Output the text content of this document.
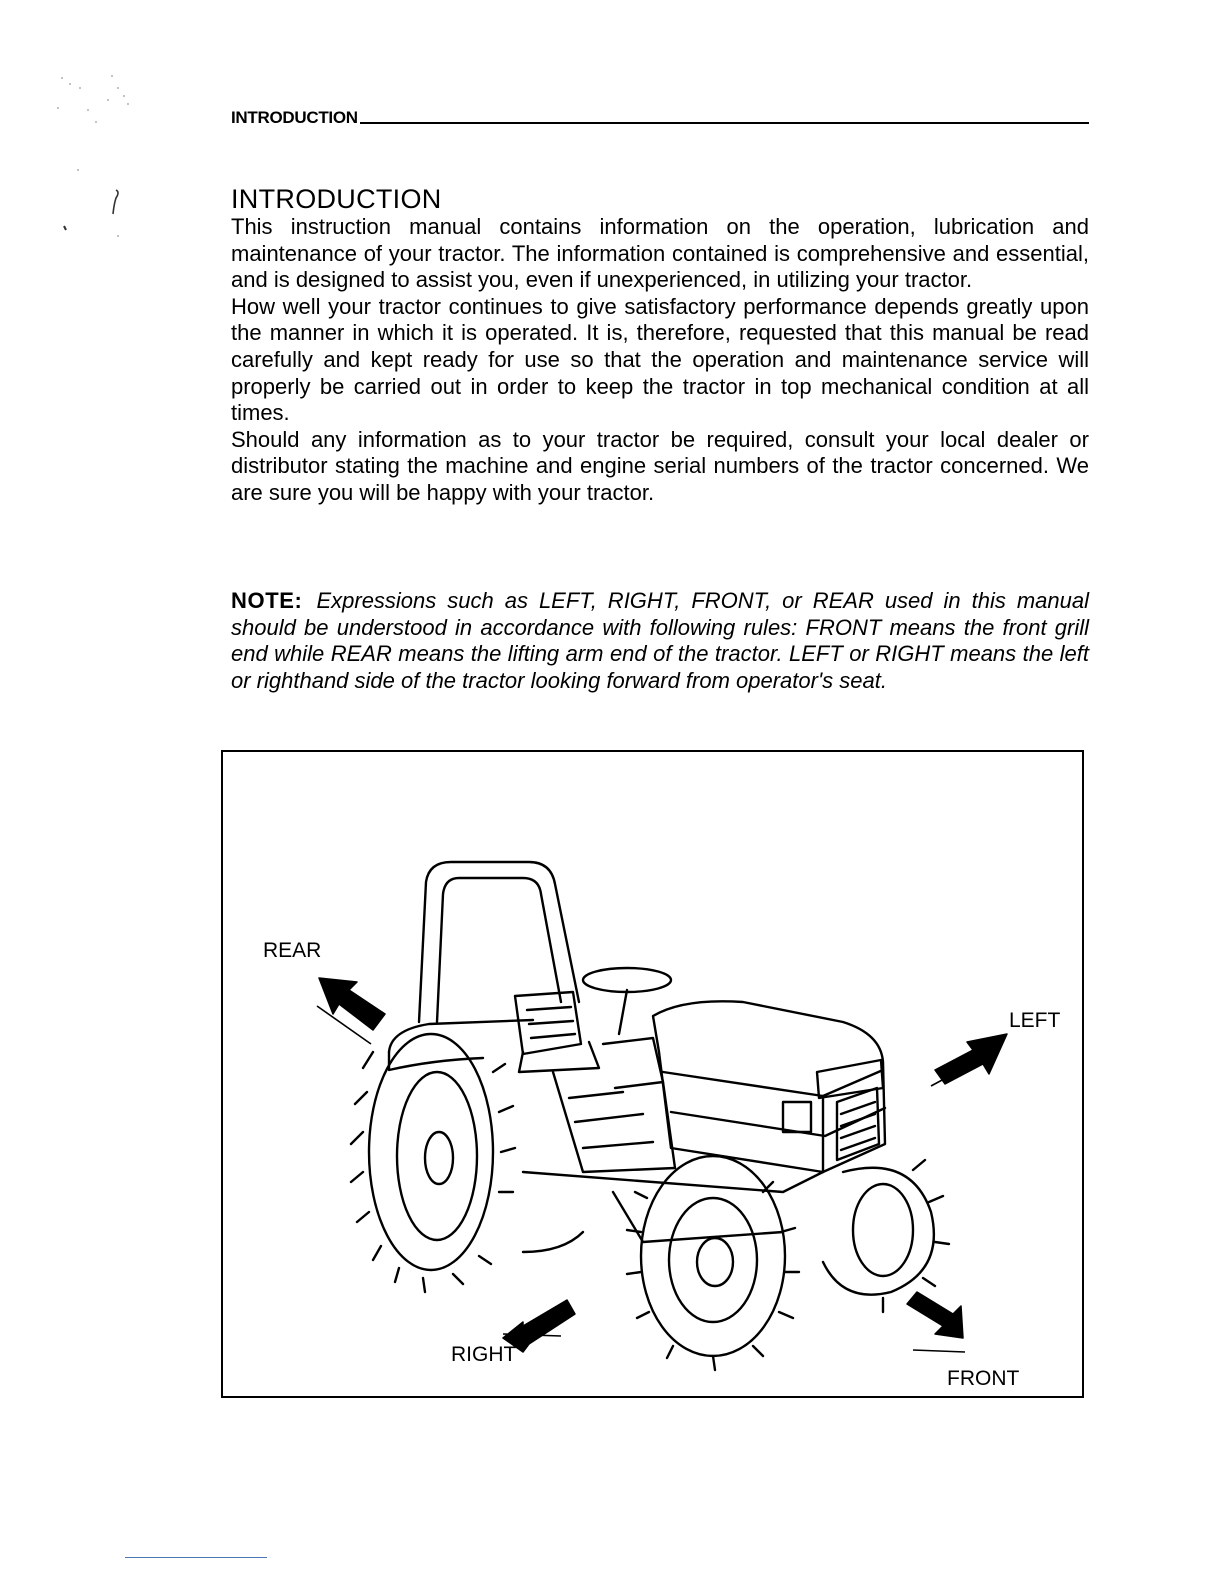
INTRODUCTION
INTRODUCTION

This instruction manual contains information on the operation, lubrication and maintenance of your tractor. The information contained is comprehensive and essential, and is designed to assist you, even if unexperienced, in utilizing your tractor.

How well your tractor continues to give satisfactory performance depends greatly upon the manner in which it is operated. It is, therefore, requested that this manual be read carefully and kept ready for use so that the operation and maintenance service will properly be carried out in order to keep the tractor in top mechanical condition at all times.

Should any information as to your tractor be required, consult your local dealer or distributor stating the machine and engine serial numbers of the tractor concerned. We are sure you will be happy with your tractor.

NOTE: Expressions such as LEFT, RIGHT, FRONT, or REAR used in this manual should be understood in accordance with following rules: FRONT means the front grill end while REAR means the lifting arm end of the tractor. LEFT or RIGHT means the left or righthand side of the tractor looking forward from operator's seat.
REAR
LEFT
RIGHT
FRONT
